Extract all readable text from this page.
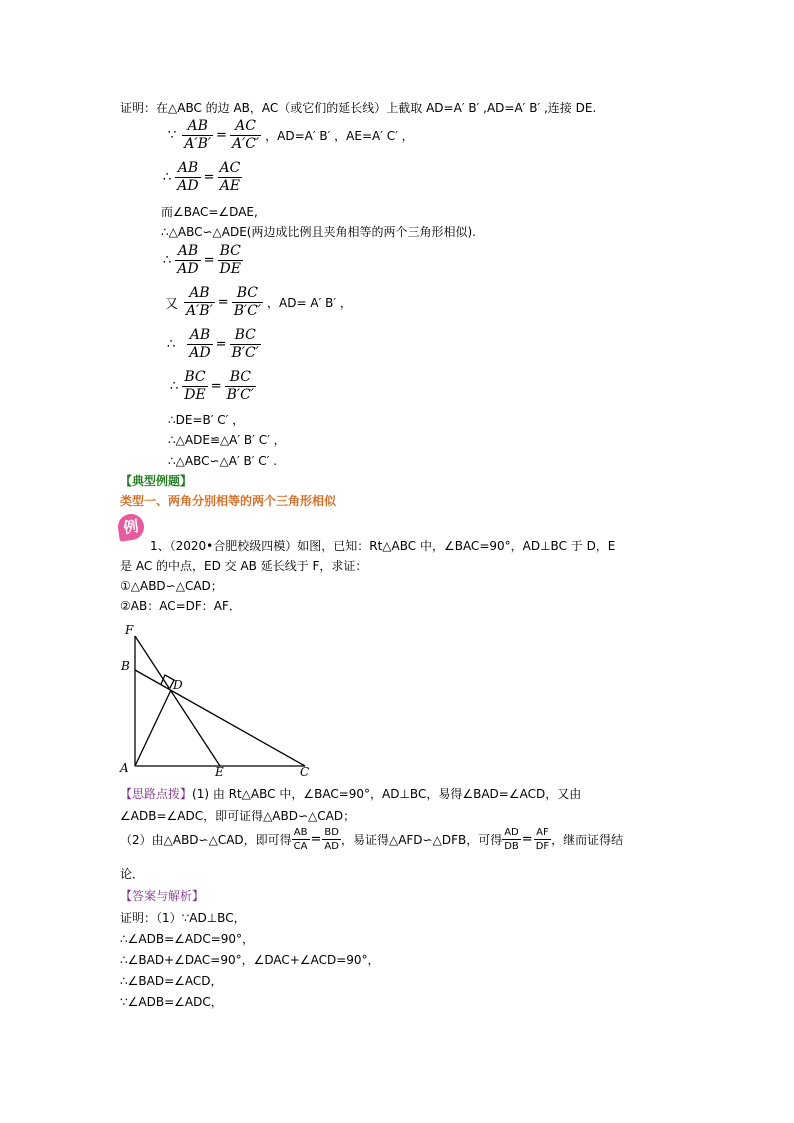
证明：在△ABC 的边 AB，AC（或它们的延长线）上截取 AD=A′ B′ ,AD=A′ B′ ,连接 DE.
∵ $\frac{AB}{A'B'} = \frac{AC}{A'C'}$ ，AD=A′ B′ ，AE=A′ C′ ，
∴ $\frac{AB}{AD} = \frac{AC}{AE}$
而∠BAC=∠DAE,
∴△ABC∽△ADE(两边成比例且夹角相等的两个三角形相似).
∴ $\frac{AB}{AD} = \frac{BC}{DE}$
又 $\frac{AB}{A'B'} = \frac{BC}{B'C'}$ ，AD= A′ B′ ，
∴ $\frac{AB}{AD} = \frac{BC}{B'C'}$
∴ $\frac{BC}{DE} = \frac{BC}{B'C'}$
∴DE=B′ C′ ，
∴△ADE≌△A′ B′ C′ ，
∴△ABC∽△A′ B′ C′ .
【典型例题】
类型一、两角分别相等的两个三角形相似
例
1、（2020•合肥校级四模）如图，已知：Rt△ABC 中，∠BAC=90°，AD⊥BC 于 D，E
是 AC 的中点，ED 交 AB 延长线于 F，求证：
①△ABD∽△CAD；
②AB：AC=DF：AF．
F
B
D
A	E	C
【思路点拨】(1) 由 Rt△ABC 中，∠BAC=90°，AD⊥BC，易得∠BAD=∠ACD，又由
∠ADB=∠ADC，即可证得△ABD∽△CAD；
（2）由△ABD∽△CAD，即可得 $\frac{AB}{CA} = \frac{BD}{AD}$ ，易证得△AFD∽△DFB，可得 $\frac{AD}{DB} = \frac{AF}{DF}$ ，继而证得结
论．
【答案与解析】
证明：（1）∵AD⊥BC，
∴∠ADB=∠ADC=90°，
∴∠BAD+∠DAC=90°，∠DAC+∠ACD=90°，
∴∠BAD=∠ACD，
∵∠ADB=∠ADC，
